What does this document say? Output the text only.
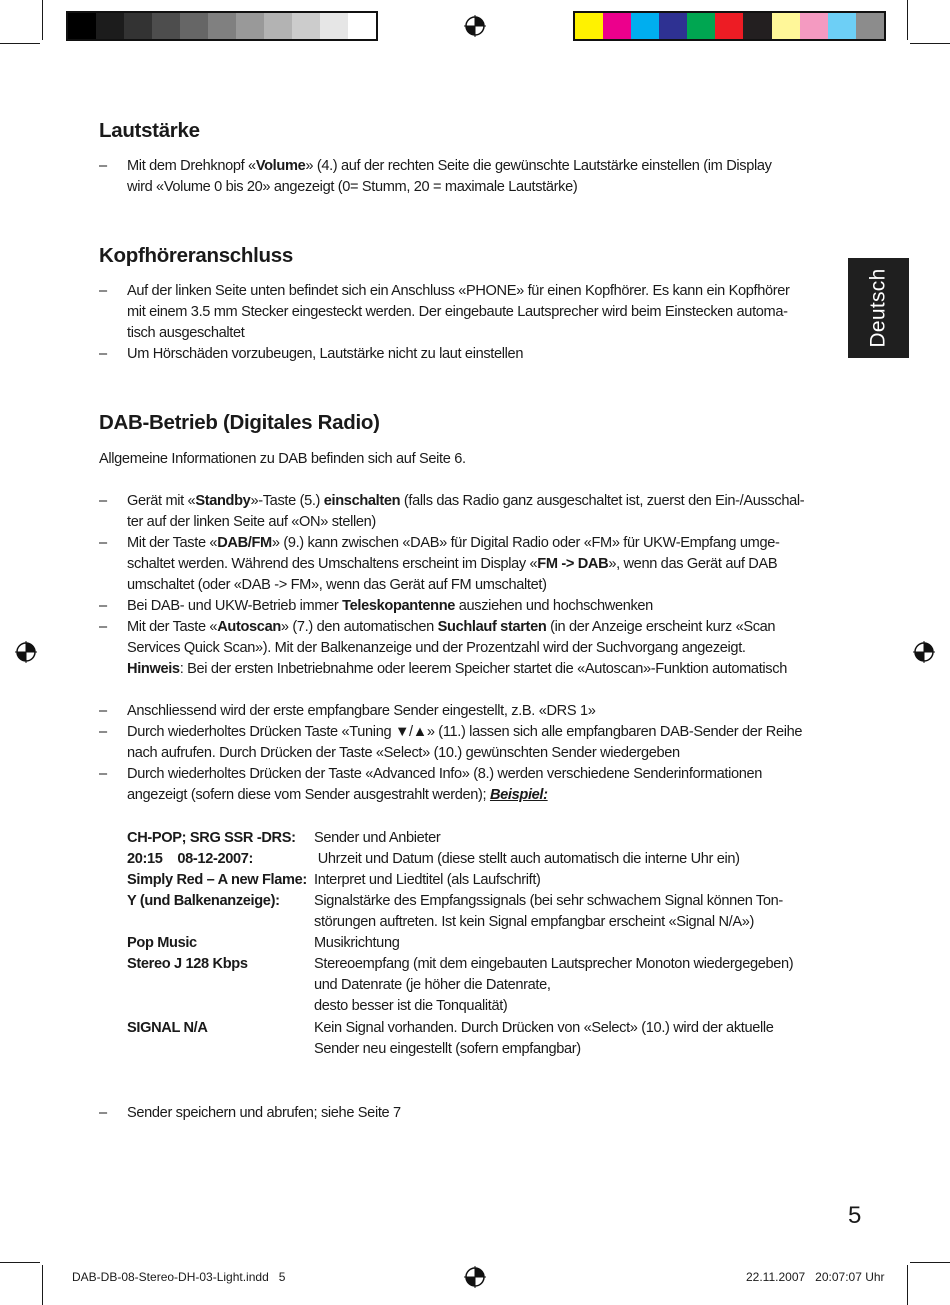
Deutsch
Lautstärke
– Mit dem Drehknopf «Volume» (4.) auf der rechten Seite die gewünschte Lautstärke einstellen (im Display
wird «Volume 0 bis 20» angezeigt (0= Stumm, 20 = maximale Lautstärke)
Kopfhöreranschluss
– Auf der linken Seite unten befindet sich ein Anschluss «PHONE» für einen Kopfhörer. Es kann ein Kopfhörer
mit einem 3.5 mm Stecker eingesteckt werden. Der eingebaute Lautsprecher wird beim Einstecken automa-
tisch ausgeschaltet
– Um Hörschäden vorzubeugen, Lautstärke nicht zu laut einstellen
DAB-Betrieb (Digitales Radio)
Allgemeine Informationen zu DAB befinden sich auf Seite 6.
– Gerät mit «Standby»-Taste (5.) einschalten (falls das Radio ganz ausgeschaltet ist, zuerst den Ein-/Ausschal-
ter auf der linken Seite auf «ON» stellen)
– Mit der Taste «DAB/FM» (9.) kann zwischen «DAB» für Digital Radio oder «FM» für UKW-Empfang umge-
schaltet werden. Während des Umschaltens erscheint im Display «FM -> DAB», wenn das Gerät auf DAB
umschaltet (oder «DAB -> FM», wenn das Gerät auf FM umschaltet)
– Bei DAB- und UKW-Betrieb immer Teleskopantenne ausziehen und hochschwenken
– Mit der Taste «Autoscan» (7.) den automatischen Suchlauf starten (in der Anzeige erscheint kurz «Scan
Services Quick Scan»). Mit der Balkenanzeige und der Prozentzahl wird der Suchvorgang angezeigt.
Hinweis: Bei der ersten Inbetriebnahme oder leerem Speicher startet die «Autoscan»-Funktion automatisch
– Anschliessend wird der erste empfangbare Sender eingestellt, z.B. «DRS 1»
– Durch wiederholtes Drücken Taste «Tuning ▼/▲» (11.) lassen sich alle empfangbaren DAB-Sender der Reihe
nach aufrufen. Durch Drücken der Taste «Select» (10.) gewünschten Sender wiedergeben
– Durch wiederholtes Drücken der Taste «Advanced Info» (8.) werden verschiedene Senderinformationen
angezeigt (sofern diese vom Sender ausgestrahlt werden); Beispiel:
CH-POP; SRG SSR -DRS: Sender und Anbieter
20:15    08-12-2007:	Uhrzeit und Datum (diese stellt auch automatisch die interne Uhr ein)
Simply Red – A new Flame: Interpret und Liedtitel (als Laufschrift)
Y (und Balkenanzeige): Signalstärke des Empfangssignals (bei sehr schwachem Signal können Ton-
störungen auftreten. Ist kein Signal empfangbar erscheint «Signal N/A»)
Pop Music	Musikrichtung
Stereo J 128 Kbps	Stereoempfang (mit dem eingebauten Lautsprecher Monoton wiedergegeben)
und Datenrate (je höher die Datenrate,
desto besser ist die Tonqualität)
SIGNAL N/A	Kein Signal vorhanden. Durch Drücken von «Select» (10.) wird der aktuelle
Sender neu eingestellt (sofern empfangbar)
– Sender speichern und abrufen; siehe Seite 7
5
DAB-DB-08-Stereo-DH-03-Light.indd   5	22.11.2007   20:07:07 Uhr
